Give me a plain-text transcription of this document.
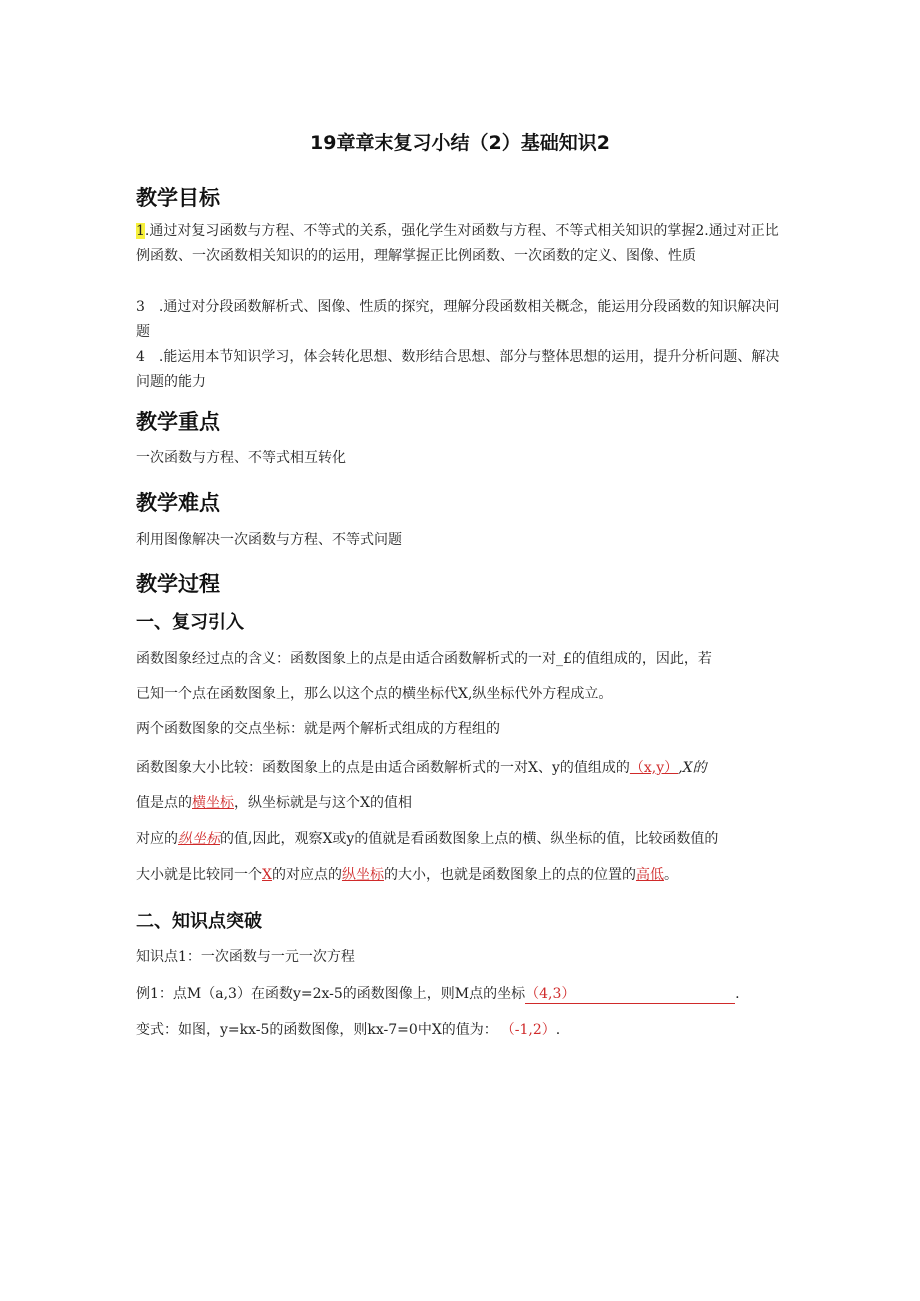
19章章末复习小结（2）基础知识2
教学目标
1.通过对复习函数与方程、不等式的关系，强化学生对函数与方程、不等式相关知识的掌握2.通过对正比例函数、一次函数相关知识的的运用，理解掌握正比例函数、一次函数的定义、图像、性质
3　.通过对分段函数解析式、图像、性质的探究，理解分段函数相关概念，能运用分段函数的知识解决问题
4　.能运用本节知识学习，体会转化思想、数形结合思想、部分与整体思想的运用，提升分析问题、解决问题的能力
教学重点
一次函数与方程、不等式相互转化
教学难点
利用图像解决一次函数与方程、不等式问题
教学过程
一、复习引入
函数图象经过点的含义：函数图象上的点是由适合函数解析式的一对_£的值组成的，因此，若
已知一个点在函数图象上，那么以这个点的横坐标代X,纵坐标代外方程成立。
两个函数图象的交点坐标：就是两个解析式组成的方程组的
函数图象大小比较：函数图象上的点是由适合函数解析式的一对X、y的值组成的（x,y）,X的
值是点的横坐标，纵坐标就是与这个X的值相
对应的纵坐标的值,因此，观察X或y的值就是看函数图象上点的横、纵坐标的值，比较函数值的
大小就是比较同一个X的对应点的纵坐标的大小，也就是函数图象上的点的位置的高低。
二、知识点突破
知识点1：一次函数与一元一次方程
例1：点M（a,3）在函数y=2x-5的函数图像上，则M点的坐标（4,3）	.
变式：如图，y=kx-5的函数图像，则kx-7=0中X的值为： （-1,2）.
